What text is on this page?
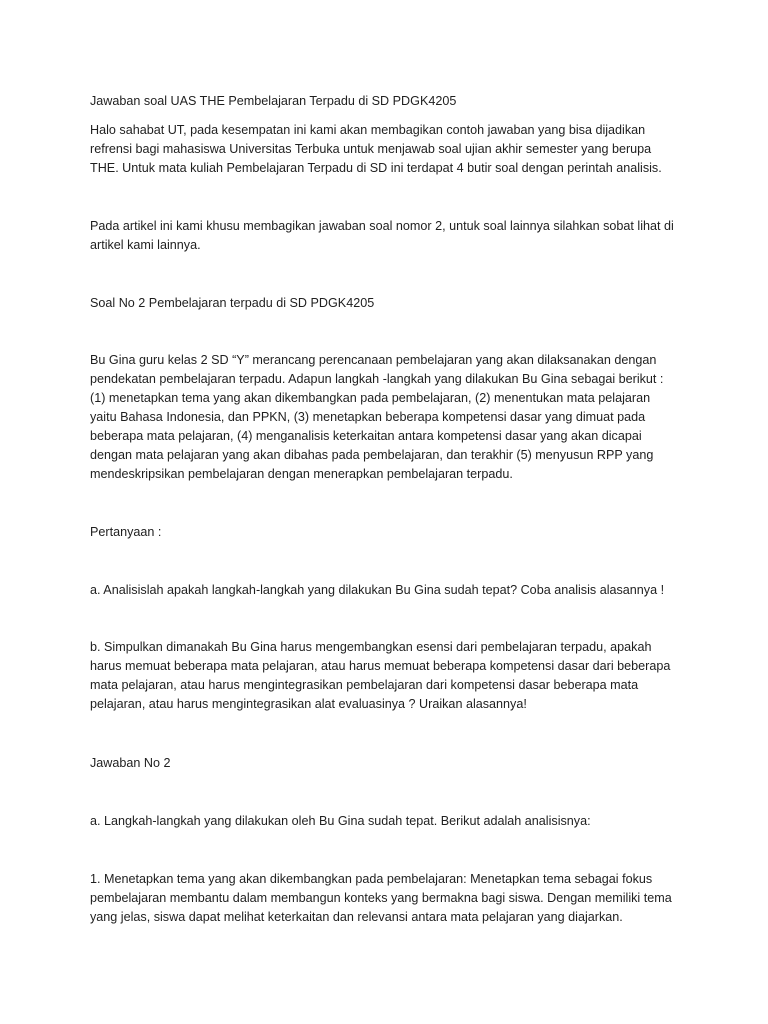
Jawaban soal UAS THE Pembelajaran Terpadu di SD PDGK4205

Halo sahabat UT, pada kesempatan ini kami akan membagikan contoh jawaban yang bisa dijadikan
refrensi bagi mahasiswa Universitas Terbuka untuk menjawab soal ujian akhir semester yang berupa
THE. Untuk mata kuliah Pembelajaran Terpadu di SD ini terdapat 4 butir soal dengan perintah analisis.

Pada artikel ini kami khusu membagikan jawaban soal nomor 2, untuk soal lainnya silahkan sobat lihat di
artikel kami lainnya.

Soal No 2 Pembelajaran terpadu di SD PDGK4205

Bu Gina guru kelas 2 SD “Y” merancang perencanaan pembelajaran yang akan dilaksanakan dengan
pendekatan pembelajaran terpadu. Adapun langkah -langkah yang dilakukan Bu Gina sebagai berikut :
(1) menetapkan tema yang akan dikembangkan pada pembelajaran, (2) menentukan mata pelajaran
yaitu Bahasa Indonesia, dan PPKN, (3) menetapkan beberapa kompetensi dasar yang dimuat pada
beberapa mata pelajaran, (4) menganalisis keterkaitan antara kompetensi dasar yang akan dicapai
dengan mata pelajaran yang akan dibahas pada pembelajaran, dan terakhir (5) menyusun RPP yang
mendeskripsikan pembelajaran dengan menerapkan pembelajaran terpadu.

Pertanyaan :

a. Analisislah apakah langkah-langkah yang dilakukan Bu Gina sudah tepat? Coba analisis alasannya !

b. Simpulkan dimanakah Bu Gina harus mengembangkan esensi dari pembelajaran terpadu, apakah
harus memuat beberapa mata pelajaran, atau harus memuat beberapa kompetensi dasar dari beberapa
mata pelajaran, atau harus mengintegrasikan pembelajaran dari kompetensi dasar beberapa mata
pelajaran, atau harus mengintegrasikan alat evaluasinya ? Uraikan alasannya!

Jawaban No 2

a. Langkah-langkah yang dilakukan oleh Bu Gina sudah tepat. Berikut adalah analisisnya:

1. Menetapkan tema yang akan dikembangkan pada pembelajaran: Menetapkan tema sebagai fokus
pembelajaran membantu dalam membangun konteks yang bermakna bagi siswa. Dengan memiliki tema
yang jelas, siswa dapat melihat keterkaitan dan relevansi antara mata pelajaran yang diajarkan.
